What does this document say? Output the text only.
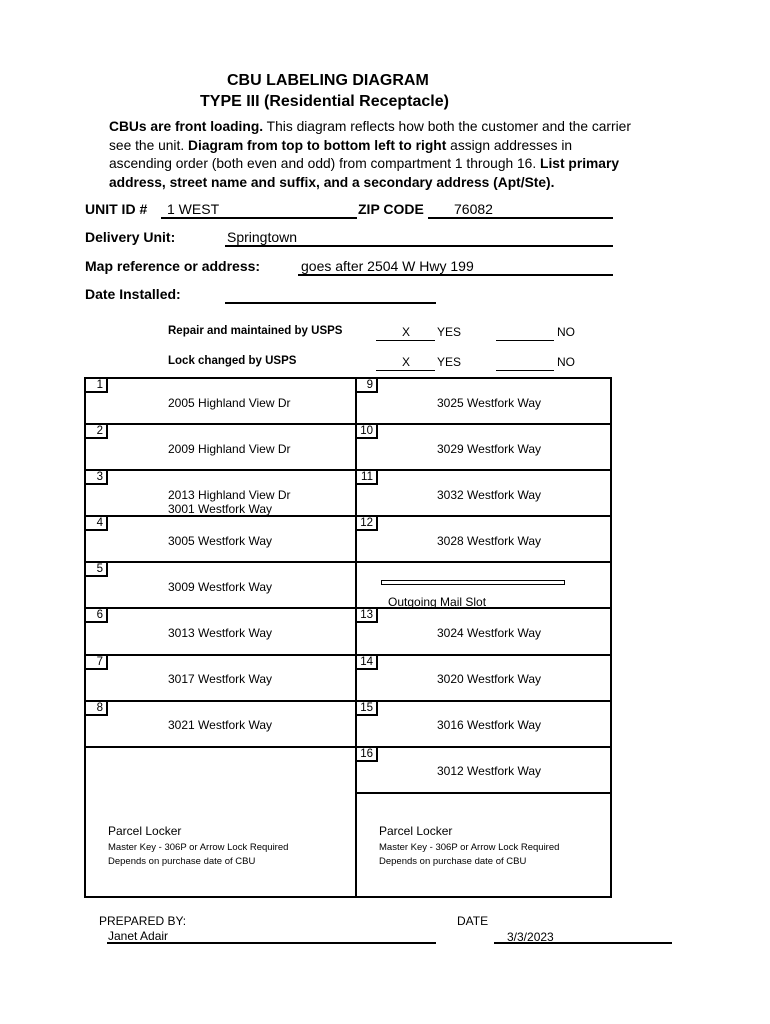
CBU LABELING DIAGRAM
TYPE III (Residential Receptacle)
CBUs are front loading. This diagram reflects how both the customer and the carrier see the unit. Diagram from top to bottom left to right assign addresses in ascending order (both even and odd) from compartment 1 through 16. List primary address, street name and suffix, and a secondary address (Apt/Ste).
UNIT ID # 1 WEST	ZIP CODE 76082
Delivery Unit:	Springtown
Map reference or address:	goes after 2504 W Hwy 199
Date Installed:
Repair and maintained by USPS	X YES	NO
Lock changed by USPS	X YES	NO
1
2005 Highland View Dr
2
2009 Highland View Dr
3
2013 Highland View Dr
3001 Westfork Way
4
3005 Westfork Way
5
3009 Westfork Way
6
3013 Westfork Way
7
3017 Westfork Way
8
3021 Westfork Way
Parcel Locker
Master Key - 306P or Arrow Lock Required
Depends on purchase date of CBU
9
3025 Westfork Way
10
3029 Westfork Way
11
3032 Westfork Way
12
3028 Westfork Way
Outgoing Mail Slot
13
3024 Westfork Way
14
3020 Westfork Way
15
3016 Westfork Way
16
3012 Westfork Way
Parcel Locker
Master Key - 306P or Arrow Lock Required
Depends on purchase date of CBU
PREPARED BY:
Janet Adair
DATE
3/3/2023
